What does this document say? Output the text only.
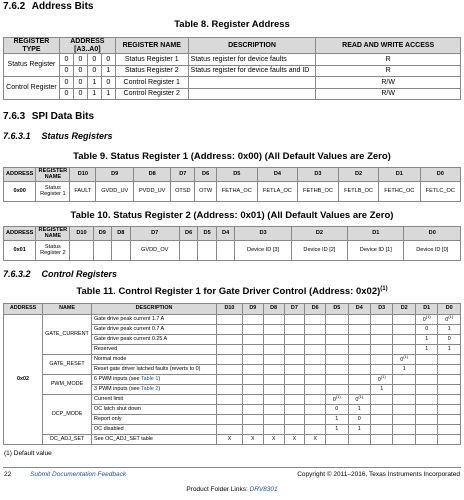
7.6.2 Address Bits
Table 8. Register Address
REGISTER TYPE	ADDRESS [A3..A0]				REGISTER NAME	DESCRIPTION	READ AND WRITE ACCESS
Status Register	0	0	0	0	Status Register 1	Status register for device faults	R
	0	0	0	1	Status Register 2	Status register for device faults and ID	R
Control Register	0	0	1	0	Control Register 1		R/W
	0	0	1	1	Control Register 2		R/W
7.6.3 SPI Data Bits
7.6.3.1 Status Registers
Table 9. Status Register 1 (Address: 0x00) (All Default Values are Zero)
ADDRESS	REGISTER NAME	D10	D9	D8	D7	D6	D5	D4	D3	D2	D1	D0
0x00	Status Register 1	FAULT	GVDD_UV	PVDD_UV	OTSD	OTW	FETHA_OC	FETLA_OC	FETHB_OC	FETLB_OC	FETHC_OC	FETLC_OC
Table 10. Status Register 2 (Address: 0x01) (All Default Values are Zero)
ADDRESS	REGISTER NAME	D10	D9	D8	D7	D6	D5	D4	D3	D2	D1	D0
0x01	Status Register 2				GVDD_OV				Device ID [3]	Device ID [2]	Device ID [1]	Device ID [0]
7.6.3.2 Control Registers
Table 11. Control Register 1 for Gate Driver Control (Address: 0x02)$^{(1)}$
ADDRESS	NAME	DESCRIPTION	D10	D9	D8	D7	D6	D5	D4	D3	D2	D1	D0
0x02	GATE_CURRENT	Gate drive peak current 1.7 A										0$^{(1)}$	0$^{(1)}$
		Gate drive peak current 0.7 A										0	1
		Gate drive peak current 0.25 A										1	0
		Reserved										1	1
	GATE_RESET	Normal mode									0$^{(1)}$		
		Reset gate driver latched faults (reverts to 0)									1		
	PWM_MODE	6 PWM inputs (see Table 1)								0$^{(1)}$			
		3 PWM inputs (see Table 2)								1			
	OCP_MODE	Current limit						0$^{(1)}$	0$^{(1)}$				
		OC latch shut down						0	1				
		Report only						1	0				
		OC disabled						1	1				
	OC_ADJ_SET	See OC_ADJ_SET table	X	X	X	X	X						
(1) Default value
22	Submit Documentation Feedback	Copyright © 2011–2016, Texas Instruments Incorporated
Product Folder Links: DRV8301
